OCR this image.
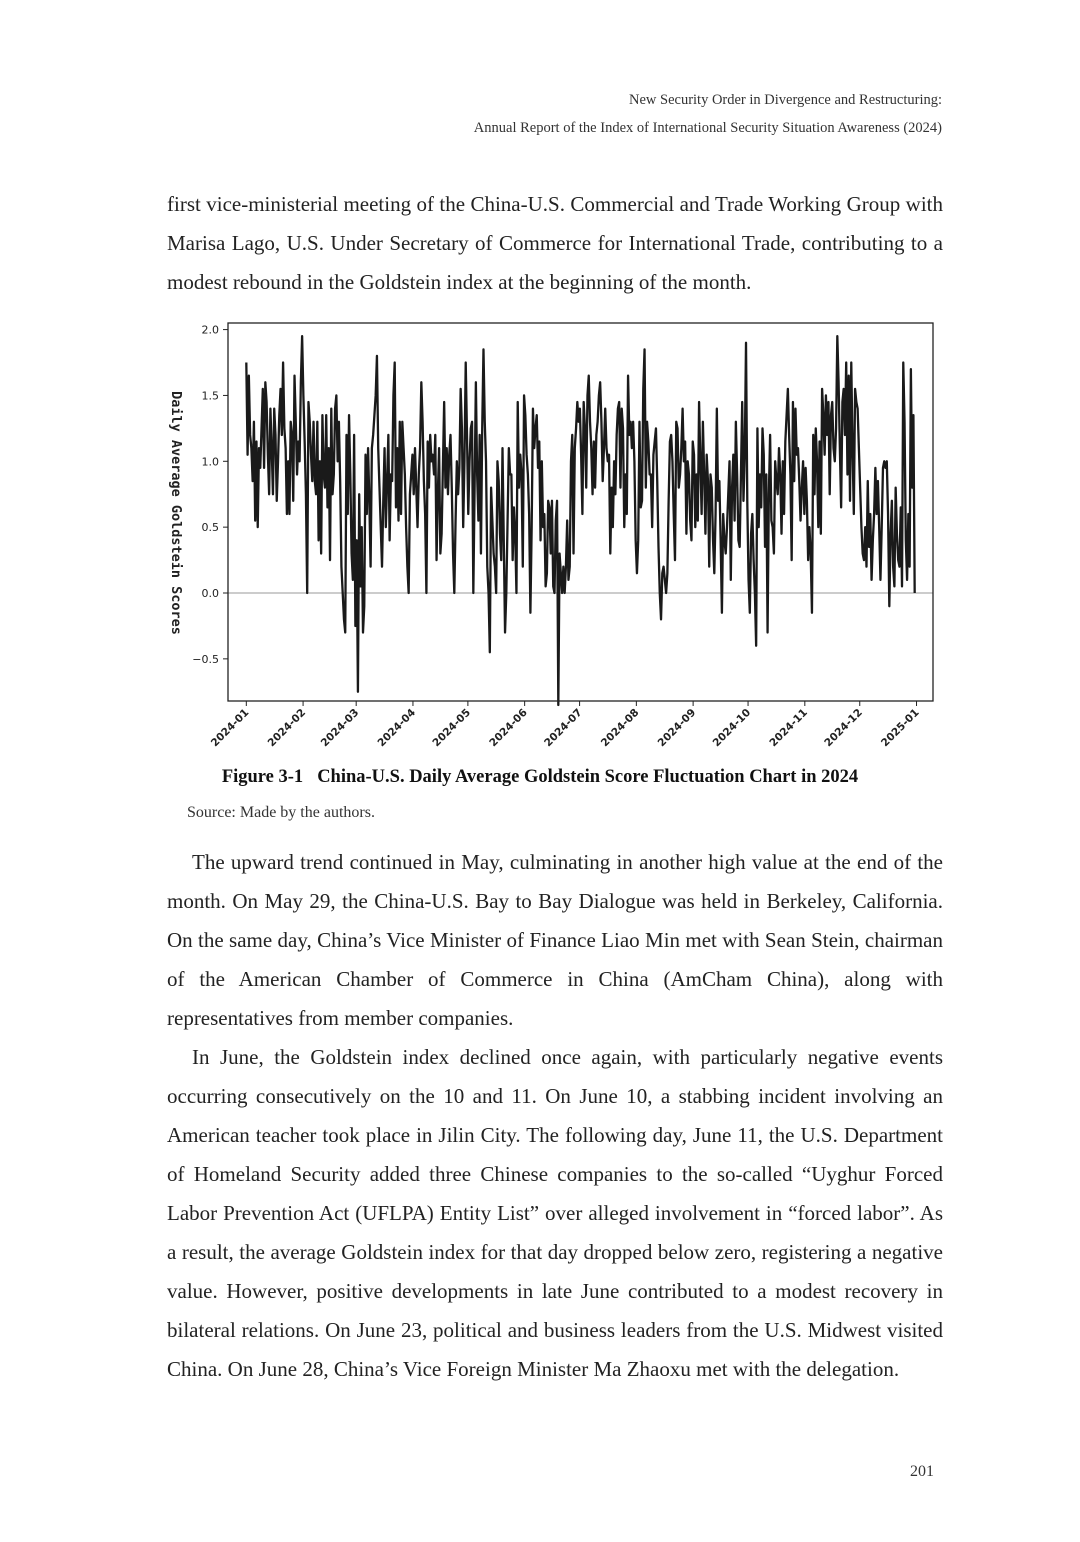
New Security Order in Divergence and Restructuring:
Annual Report of the Index of International Security Situation Awareness (2024)

first vice-ministerial meeting of the China-U.S. Commercial and Trade Working Group with Marisa Lago, U.S. Under Secretary of Commerce for International Trade, contributing to a modest rebound in the Goldstein index at the beginning of the month.

2.0
1.5
1.0
0.5
0.0
−0.5
2024-01 2024-02 2024-03 2024-04 2024-05 2024-06 2024-07 2024-08 2024-09 2024-10 2024-11 2024-12 2025-01
Daily Average Goldstein Scores
Figure 3-1 China-U.S. Daily Average Goldstein Score Fluctuation Chart in 2024
Source: Made by the authors.

The upward trend continued in May, culminating in another high value at the end of the month. On May 29, the China-U.S. Bay to Bay Dialogue was held in Berkeley, California. On the same day, China’s Vice Minister of Finance Liao Min met with Sean Stein, chairman of the American Chamber of Commerce in China (AmCham China), along with representatives from member companies.

In June, the Goldstein index declined once again, with particularly negative events occurring consecutively on the 10 and 11. On June 10, a stabbing incident involving an American teacher took place in Jilin City. The following day, June 11, the U.S. Department of Homeland Security added three Chinese companies to the so-called “Uyghur Forced Labor Prevention Act (UFLPA) Entity List” over alleged involvement in “forced labor”. As a result, the average Goldstein index for that day dropped below zero, registering a negative value. However, positive developments in late June contributed to a modest recovery in bilateral relations. On June 23, political and business leaders from the U.S. Midwest visited China. On June 28, China’s Vice Foreign Minister Ma Zhaoxu met with the delegation.

201
